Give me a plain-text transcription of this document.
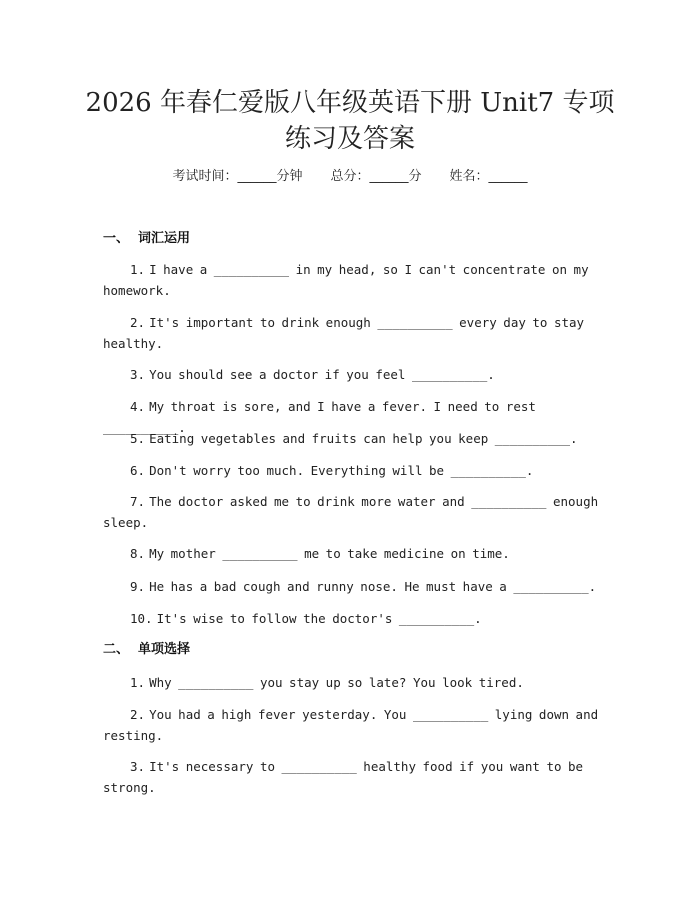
2026 年春仁爱版八年级英语下册 Unit7 专项
练习及答案
考试时间：______分钟 总分：______分 姓名：______
一、 词汇运用
1. I have a __________ in my head, so I can't concentrate on my homework.
2. It's important to drink enough __________ every day to stay healthy.
3. You should see a doctor if you feel __________.
4. My throat is sore, and I have a fever. I need to rest __________.
5. Eating vegetables and fruits can help you keep __________.
6. Don't worry too much. Everything will be __________.
7. The doctor asked me to drink more water and __________ enough sleep.
8. My mother __________ me to take medicine on time.
9. He has a bad cough and runny nose. He must have a __________.
10. It's wise to follow the doctor's __________.
二、 单项选择
1. Why __________ you stay up so late? You look tired.
2. You had a high fever yesterday. You __________ lying down and resting.
3. It's necessary to __________ healthy food if you want to be strong.
